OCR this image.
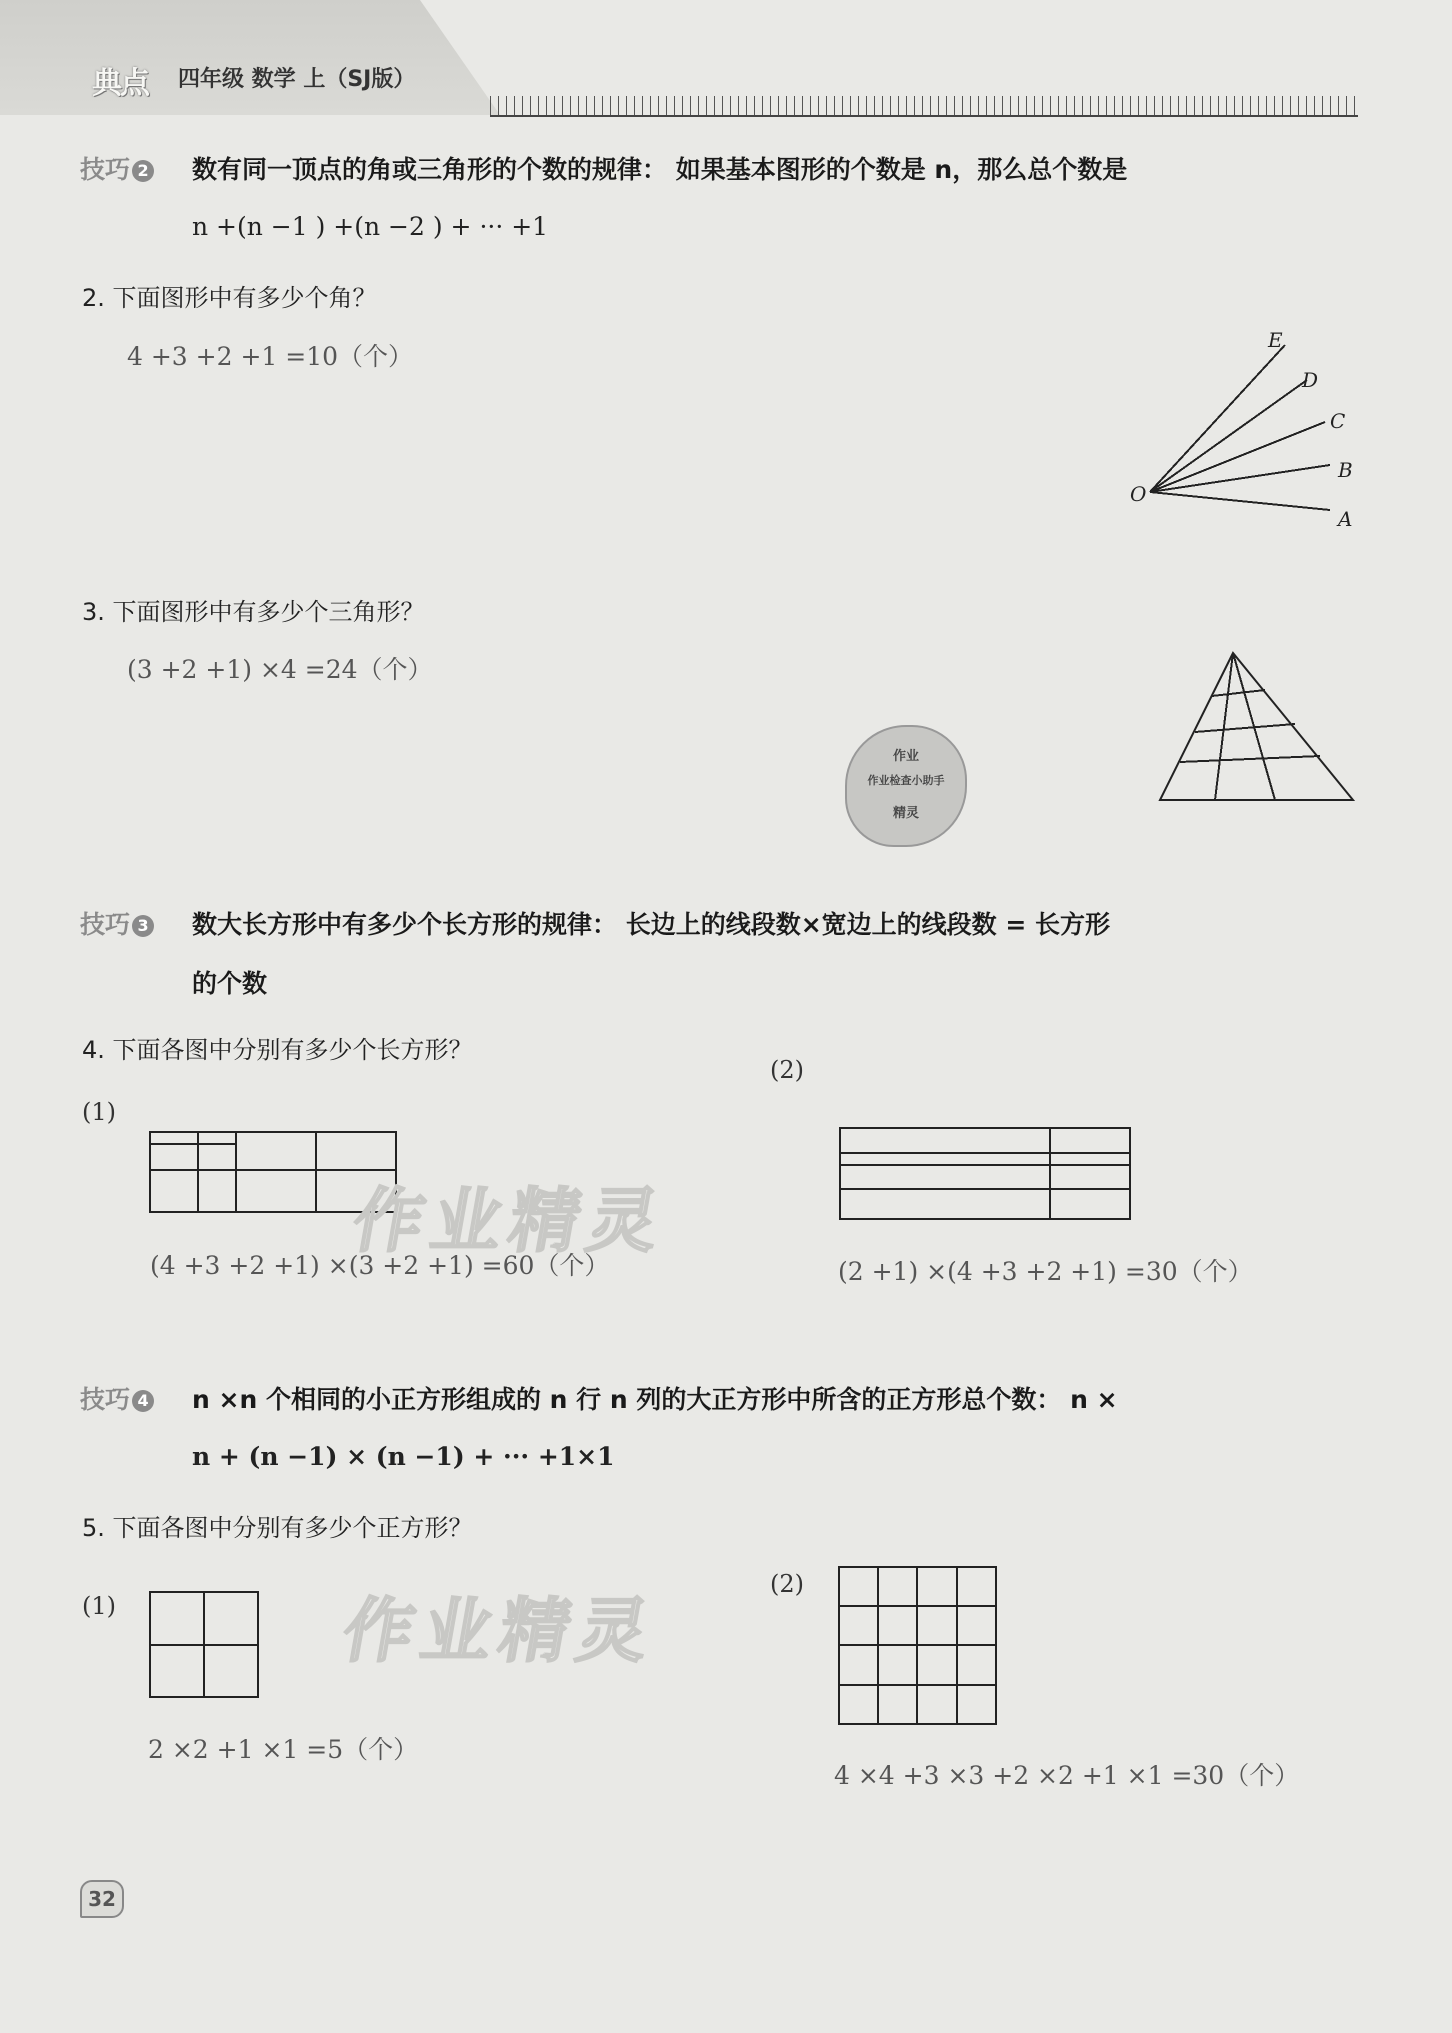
典点 四年级 数学 上（SJ版）
技巧 2 数有同一顶点的角或三角形的个数的规律： 如果基本图形的个数是 n，那么总个数是
n +(n −1 ) +(n −2 ) + ··· +1
2. 下面图形中有多少个角？
4 +3 +2 +1 =10（个）
O
A
B
C
D
E
3. 下面图形中有多少个三角形？
(3 +2 +1) ×4 =24（个）
作业
作业检查小助手
精灵
技巧 3 数大长方形中有多少个长方形的规律： 长边上的线段数×宽边上的线段数 = 长方形
的个数
4. 下面各图中分别有多少个长方形？
(1)
(4 +3 +2 +1) ×(3 +2 +1) =60（个）
(2)
(2 +1) ×(4 +3 +2 +1) =30（个）
作业精灵
技巧 4 n ×n 个相同的小正方形组成的 n 行 n 列的大正方形中所含的正方形总个数： n ×
n + (n −1) × (n −1) + ··· +1×1
5. 下面各图中分别有多少个正方形？
(1)
2 ×2 +1 ×1 =5（个）
(2)
4 ×4 +3 ×3 +2 ×2 +1 ×1 =30（个）
作业精灵
32
